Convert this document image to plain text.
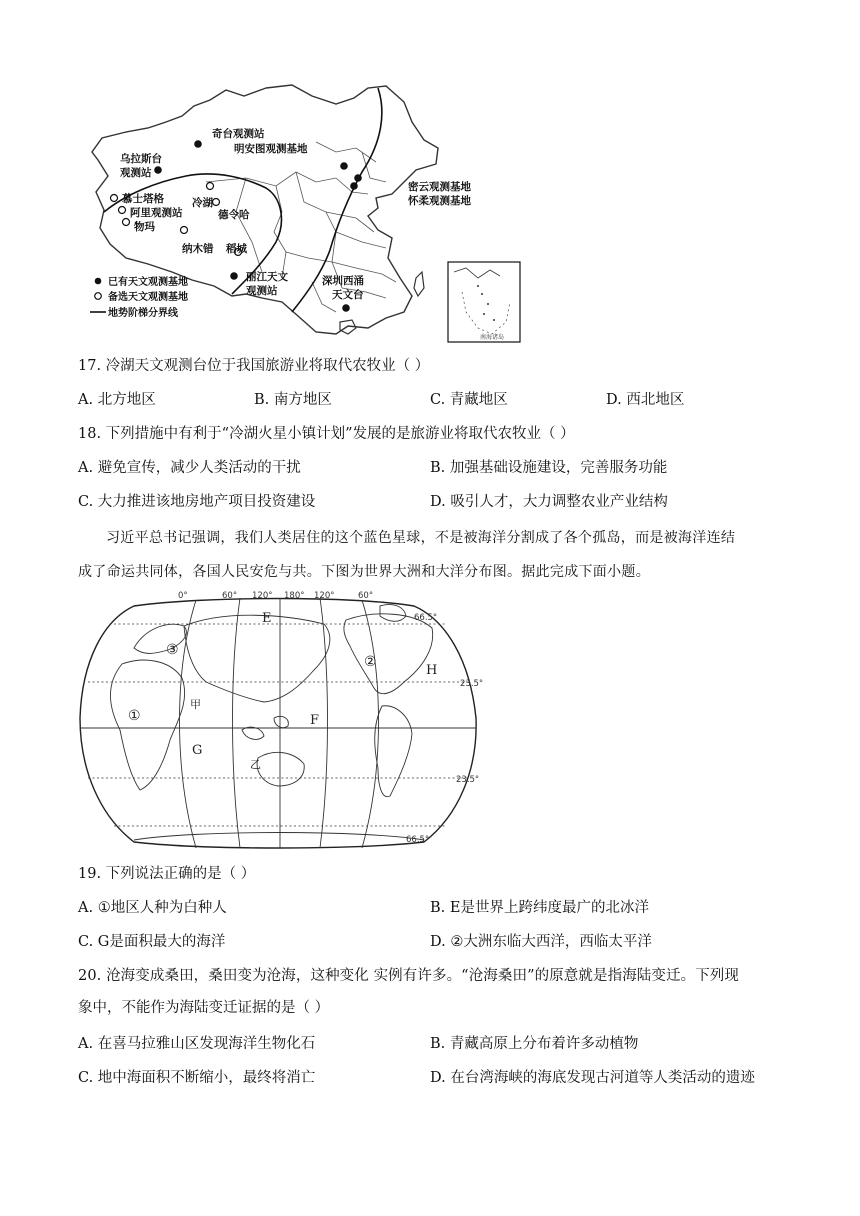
奇台观测站
明安图观测基地
乌拉斯台
观测站
密云观测基地
怀柔观测基地
慕士塔格	冷湖
阿里观测站	德令哈
物玛
纳木错 稻城
丽江天文
观测站
深圳西涌
天文台
已有天文观测基地
备选天文观测基地
地势阶梯分界线
南海诸岛
17. 冷湖天文观测台位于我国旅游业将取代农牧业（ ）
A. 北方地区	B. 南方地区	C. 青藏地区	D. 西北地区
18. 下列措施中有利于“冷湖火星小镇计划”发展的是旅游业将取代农牧业（ ）
A. 避免宣传，减少人类活动的干扰	B. 加强基础设施建设，完善服务功能
C. 大力推进该地房地产项目投资建设	D. 吸引人才，大力调整农业产业结构
习近平总书记强调，我们人类居住的这个蓝色星球，不是被海洋分割成了各个孤岛，而是被海洋连结
成了命运共同体，各国人民安危与共。下图为世界大洲和大洋分布图。据此完成下面小题。
0°	60° 120° 180° 120°	60°
66.5°
23.5°
23.5°
66.5°
E
F
G
H
甲
乙
①
②
③
19. 下列说法正确的是（ ）
A. ①地区人种为白种人	B. E是世界上跨纬度最广的北冰洋
C. G是面积最大的海洋	D. ②大洲东临大西洋，西临太平洋
20. 沧海变成桑田，桑田变为沧海，这种变化 实例有许多。“沧海桑田”的原意就是指海陆变迁。下列现
象中，不能作为海陆变迁证据的是（ ）
A. 在喜马拉雅山区发现海洋生物化石	B. 青藏高原上分布着许多动植物
C. 地中海面积不断缩小，最终将消亡	D. 在台湾海峡的海底发现古河道等人类活动的遗迹
